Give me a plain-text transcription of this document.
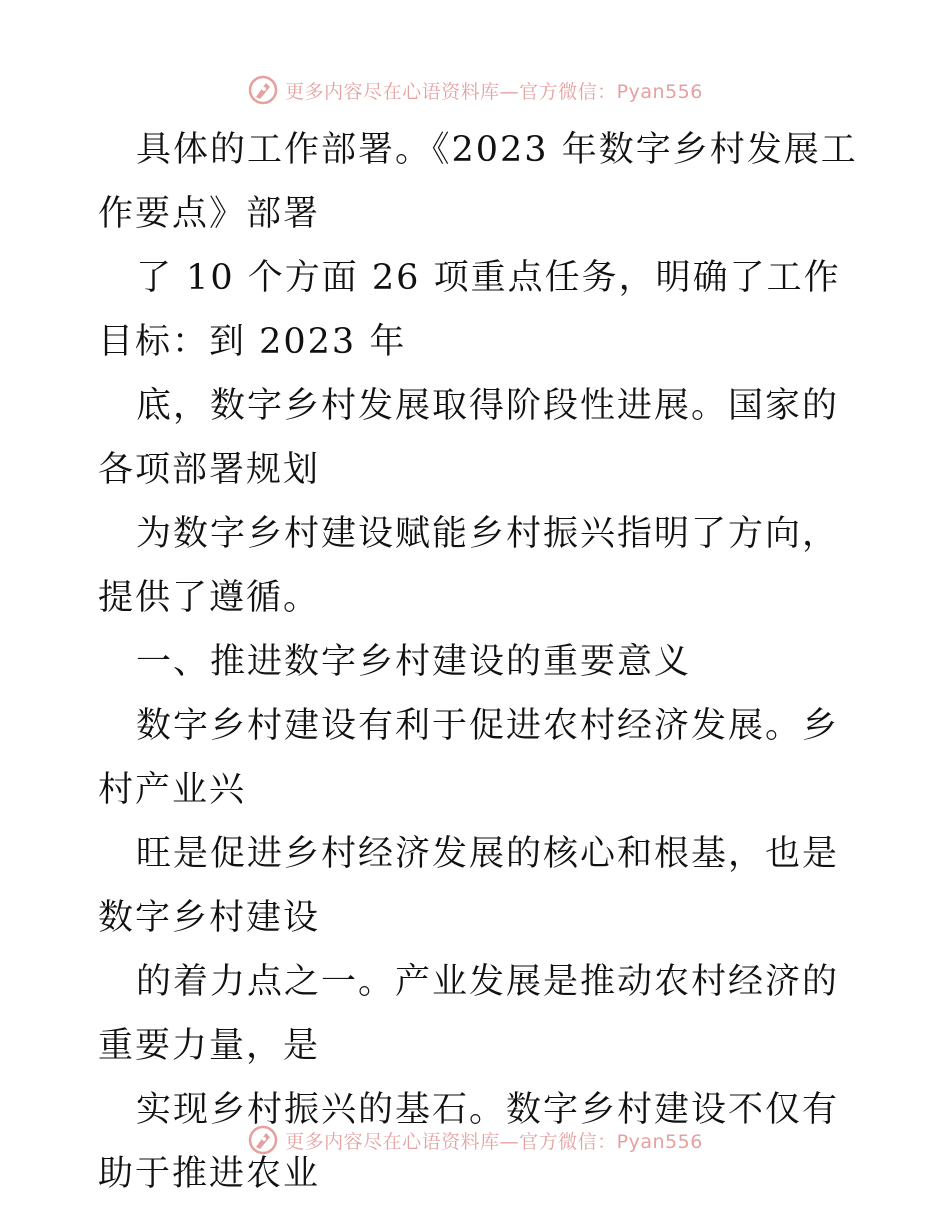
更多内容尽在心语资料库—官方微信：Pyan556

具体的工作部署。《2023 年数字乡村发展工作要点》部署

了 10 个方面 26 项重点任务，明确了工作目标：到 2023 年

底，数字乡村发展取得阶段性进展。国家的各项部署规划

为数字乡村建设赋能乡村振兴指明了方向，提供了遵循。

一、推进数字乡村建设的重要意义

数字乡村建设有利于促进农村经济发展。乡村产业兴

旺是促进乡村经济发展的核心和根基，也是数字乡村建设

的着力点之一。产业发展是推动农村经济的重要力量，是

实现乡村振兴的基石。数字乡村建设不仅有助于推进农业

更多内容尽在心语资料库—官方微信：Pyan556
